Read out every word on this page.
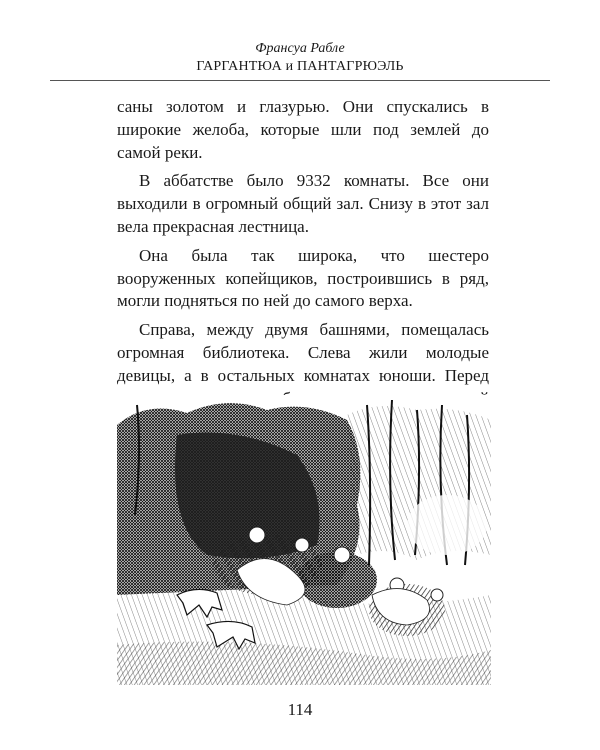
Франсуа Рабле
ГАРГАНТЮА и ПАНТАГРЮЭЛЬ

саны золотом и глазурью. Они спускались в широкие желоба, которые шли под землей до самой реки.

В аббатстве было 9332 комнаты. Все они выходили в огромный общий зал. Снизу в этот зал вела прекрасная лестница.

Она была так широка, что шестеро вооруженных копейщиков, построившись в ряд, могли подняться по ней до самого верха.

Справа, между двумя башнями, помещалась огромная библиотека. Слева жили молодые девицы, а в остальных комнатах юноши. Перед

114
